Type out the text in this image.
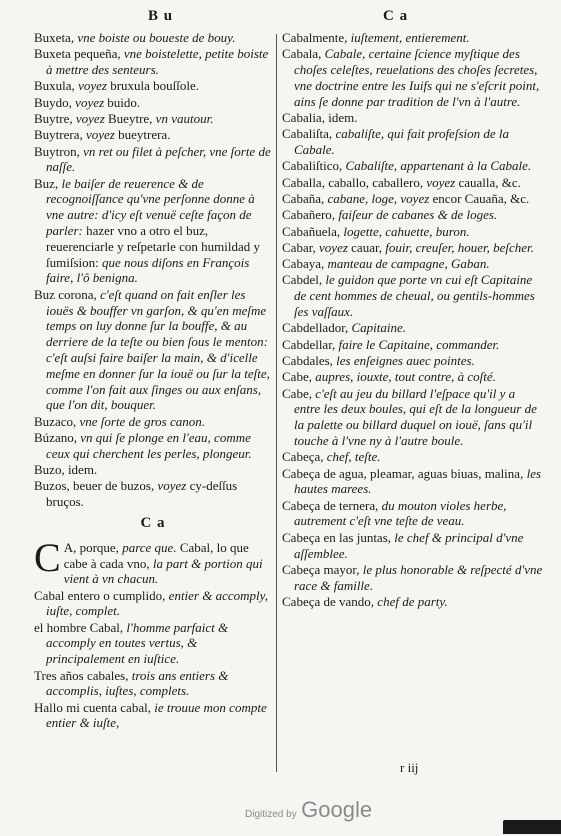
B u	C a
Buxeta, vne boiste ou boueste de bouy.
Buxeta pequeña, vne boistelette, petite boiste à mettre des senteurs.
Buxula, voyez bruxula bouſſole.
Buydo, voyez buido.
Buytre, voyez Bueytre, vn vautour.
Buytrera, voyez bueytrera.
Buytron, vn ret ou filet à peſcher, vne ſorte de naſſe.
Buz, le baiſer de reuerence & de recognoiſſance qu'vne perſonne donne à vne autre: d'icy eſt venuë ceſte façon de parler: hazer vno a otro el buz, reuerenciarle y reſpetarle con humildad y ſumiſsion: que nous diſons en François faire, l'ô benigna.
Buz corona, c'eſt quand on fait enſler les iouës & bouffer vn garſon, & qu'en meſme temps on luy donne ſur la bouffe, & au derriere de la teſte ou bien ſous le menton: c'eſt auſsi faire baiſer la main, & d'icelle meſme en donner ſur la iouë ou ſur la teſte, comme l'on fait aux ſinges ou aux enſans, que l'on dit, bouquer.
Buzaco, vne ſorte de gros canon.
Búzano, vn qui ſe plonge en l'eau, comme ceux qui cherchent les perles, plongeur.
Buzo, idem.
Buzos, beuer de buzos, voyez cy-deſſus bruços.
C a
C A, porque, parce que. Cabal, lo que cabe à cada vno, la part & portion qui vient à vn chacun.
Cabal entero o cumplido, entier & accomply, iuſte, complet.
el hombre Cabal, l'homme parfaict & accomply en toutes vertus, & principalement en iuſtice.
Tres años cabales, trois ans entiers & accomplis, iuſtes, complets.
Hallo mi cuenta cabal, ie trouue mon compte entier & iuſte,
Cabalmente, iuſtement, entierement.
Cabala, Cabale, certaine ſcience myſtique des choſes celeſtes, reuelations des choſes ſecretes, vne doctrine entre les Iuifs qui ne s'eſcrit point, ains ſe donne par tradition de l'vn à l'autre.
Cabalia, idem.
Cabaliſta, cabaliſte, qui fait profeſsion de la Cabale.
Cabaliſtico, Cabaliſte, appartenant à la Cabale.
Caballa, caballo, caballero, voyez caualla, &c.
Cabaña, cabane, loge, voyez encor Cauaña, &c.
Cabañero, faiſeur de cabanes & de loges.
Cabañuela, logette, cahuette, buron.
Cabar, voyez cauar, fouir, creuſer, houer, beſcher.
Cabaya, manteau de campagne, Gaban.
Cabdel, le guidon que porte vn cui eſt Capitaine de cent hommes de cheual, ou gentils-hommes ſes vaſſaux.
Cabdellador, Capitaine.
Cabdellar, faire le Capitaine, commander.
Cabdales, les enſeignes auec pointes.
Cabe, aupres, iouxte, tout contre, à coſté.
Cabe, c'eſt au jeu du billard l'eſpace qu'il y a entre les deux boules, qui eſt de la longueur de la palette ou billard duquel on iouë, ſans qu'il touche à l'vne ny à l'autre boule.
Cabeça, chef, teſte.
Cabeça de agua, pleamar, aguas biuas, malina, les hautes marees.
Cabeça de ternera, du mouton violes herbe, autrement c'eſt vne teſte de veau.
Cabeça en las juntas, le chef & principal d'vne aſſemblee.
Cabeça mayor, le plus honorable & reſpecté d'vne race & famille.
Cabeça de vando, chef de party.
r iij
Digitized by Google
